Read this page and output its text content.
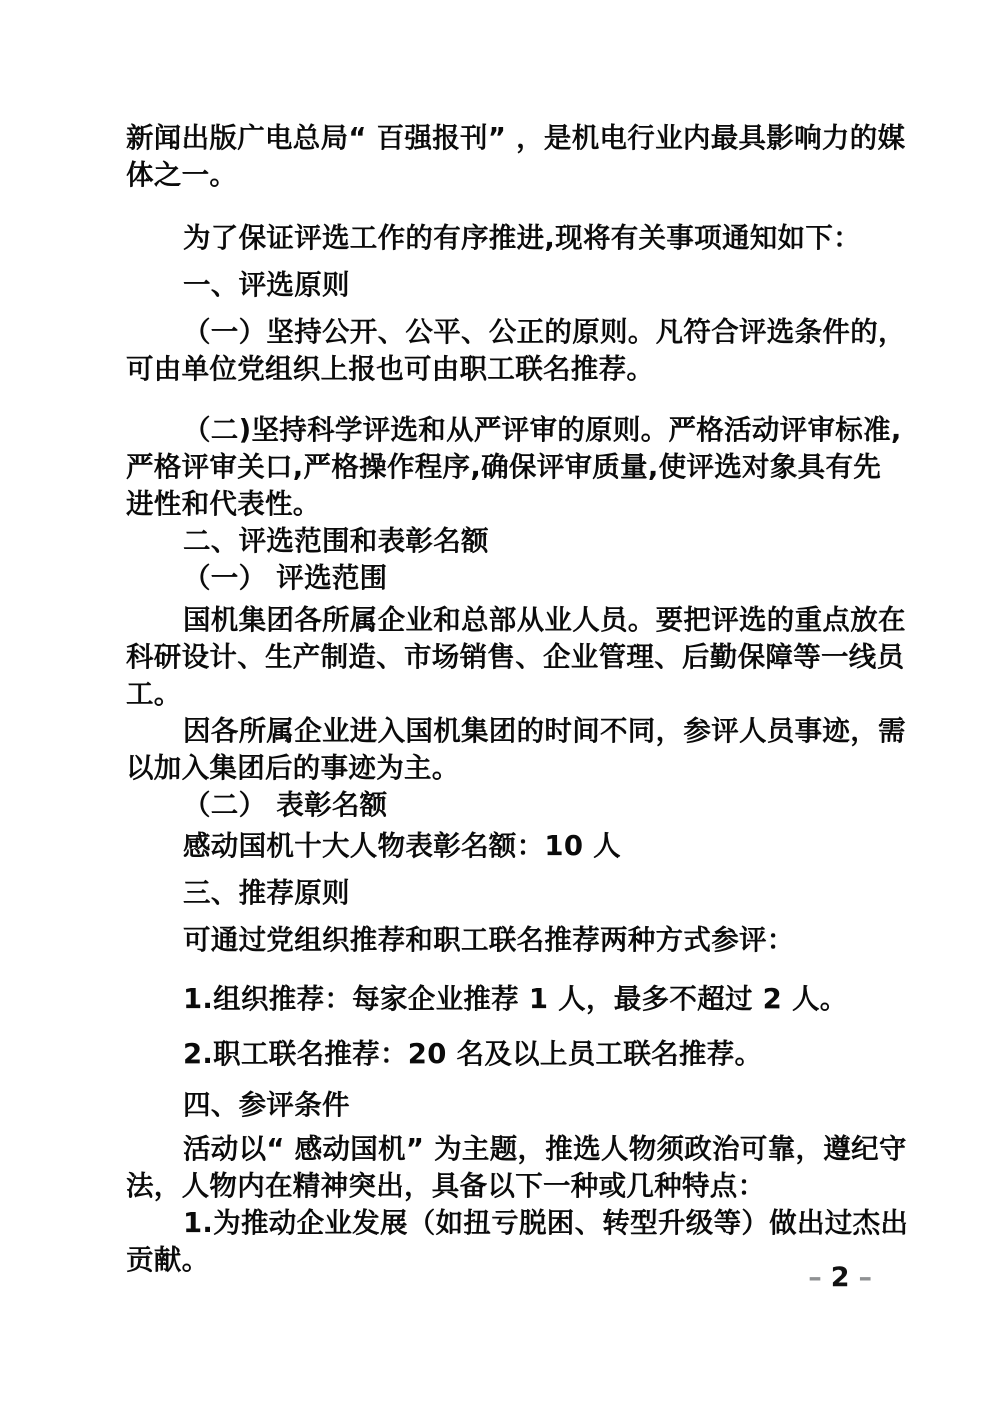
新闻出版广电总局“ 百强报刊” ，是机电行业内最具影响力的媒
体之一。
为了保证评选工作的有序推进,现将有关事项通知如下：
一、评选原则
（一）坚持公开、公平、公正的原则。凡符合评选条件的，
可由单位党组织上报也可由职工联名推荐。
（二)坚持科学评选和从严评审的原则。严格活动评审标准,
严格评审关口,严格操作程序,确保评审质量,使评选对象具有先
进性和代表性。
二、评选范围和表彰名额
（一） 评选范围
国机集团各所属企业和总部从业人员。要把评选的重点放在
科研设计、生产制造、市场销售、企业管理、后勤保障等一线员
工。
因各所属企业进入国机集团的时间不同，参评人员事迹，需
以加入集团后的事迹为主。
（二） 表彰名额
感动国机十大人物表彰名额：10 人
三、推荐原则
可通过党组织推荐和职工联名推荐两种方式参评：
1.组织推荐：每家企业推荐 1 人，最多不超过 2 人。
2.职工联名推荐：20 名及以上员工联名推荐。
四、参评条件
活动以“ 感动国机” 为主题，推选人物须政治可靠，遵纪守
法，人物内在精神突出，具备以下一种或几种特点：
1.为推动企业发展（如扭亏脱困、转型升级等）做出过杰出
贡献。
– 2 –
